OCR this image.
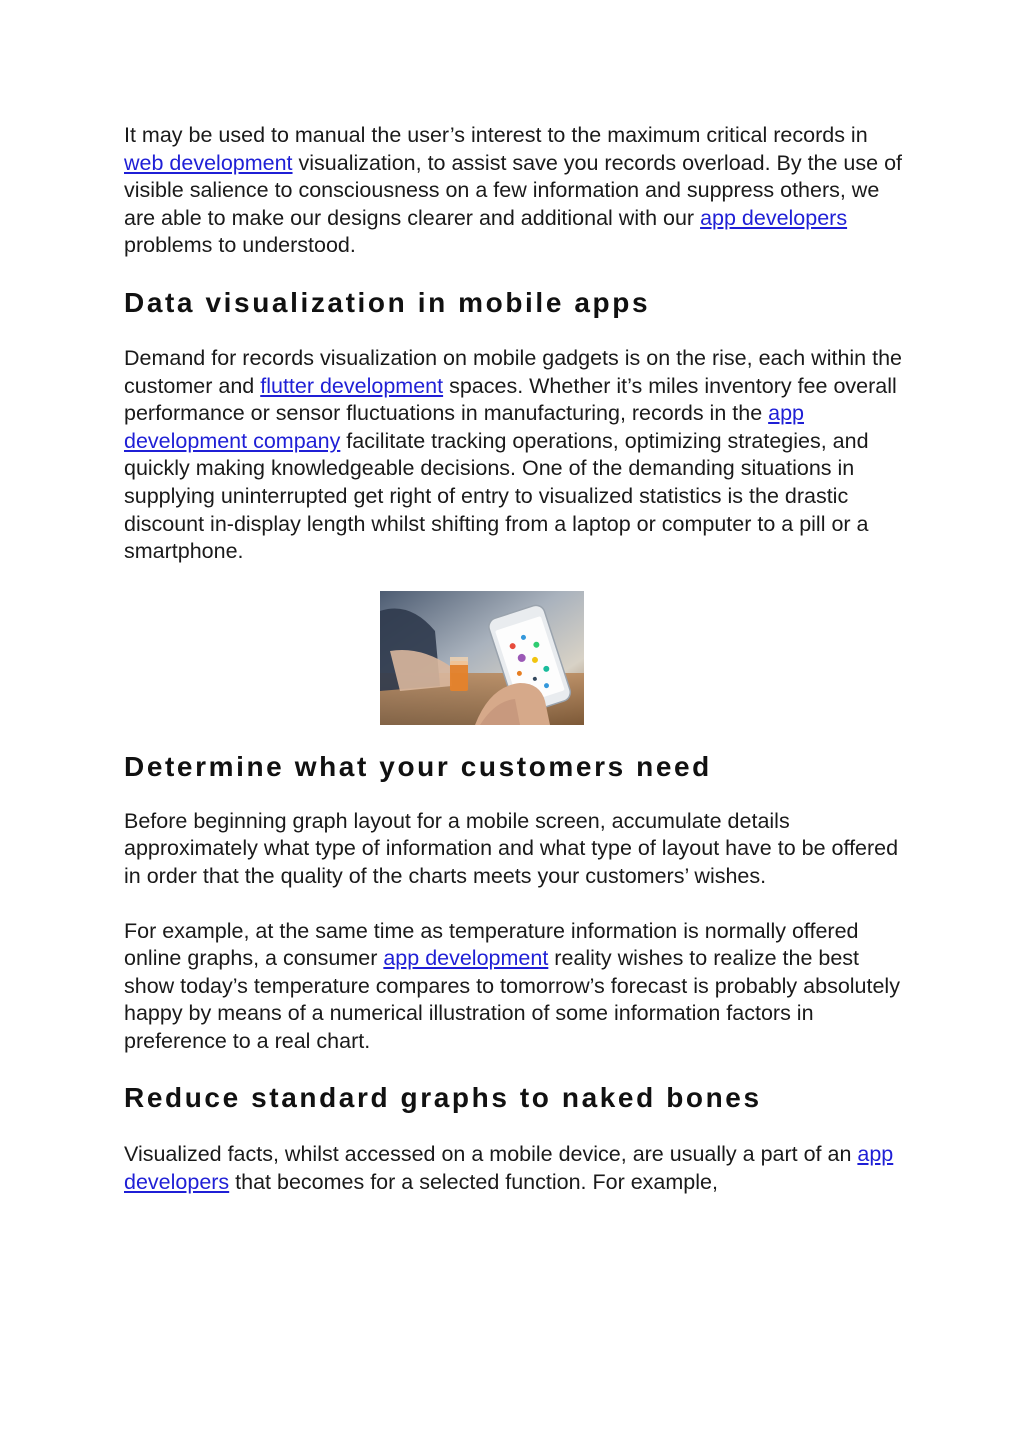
It may be used to manual the user’s interest to the maximum critical records in web development visualization, to assist save you records overload. By the use of visible salience to consciousness on a few information and suppress others, we are able to make our designs clearer and additional with our app developers problems to understood.

Data visualization in mobile apps

Demand for records visualization on mobile gadgets is on the rise, each within the customer and flutter development spaces. Whether it’s miles inventory fee overall performance or sensor fluctuations in manufacturing, records in the app development company facilitate tracking operations, optimizing strategies, and quickly making knowledgeable decisions. One of the demanding situations in supplying uninterrupted get right of entry to visualized statistics is the drastic discount in-display length whilst shifting from a laptop or computer to a pill or a smartphone.

Determine what your customers need

Before beginning graph layout for a mobile screen, accumulate details approximately what type of information and what type of layout have to be offered in order that the quality of the charts meets your customers’ wishes.

For example, at the same time as temperature information is normally offered online graphs, a consumer app development reality wishes to realize the best show today’s temperature compares to tomorrow’s forecast is probably absolutely happy by means of a numerical illustration of some information factors in preference to a real chart.

Reduce standard graphs to naked bones

Visualized facts, whilst accessed on a mobile device, are usually a part of an app developers that becomes for a selected function. For example,
